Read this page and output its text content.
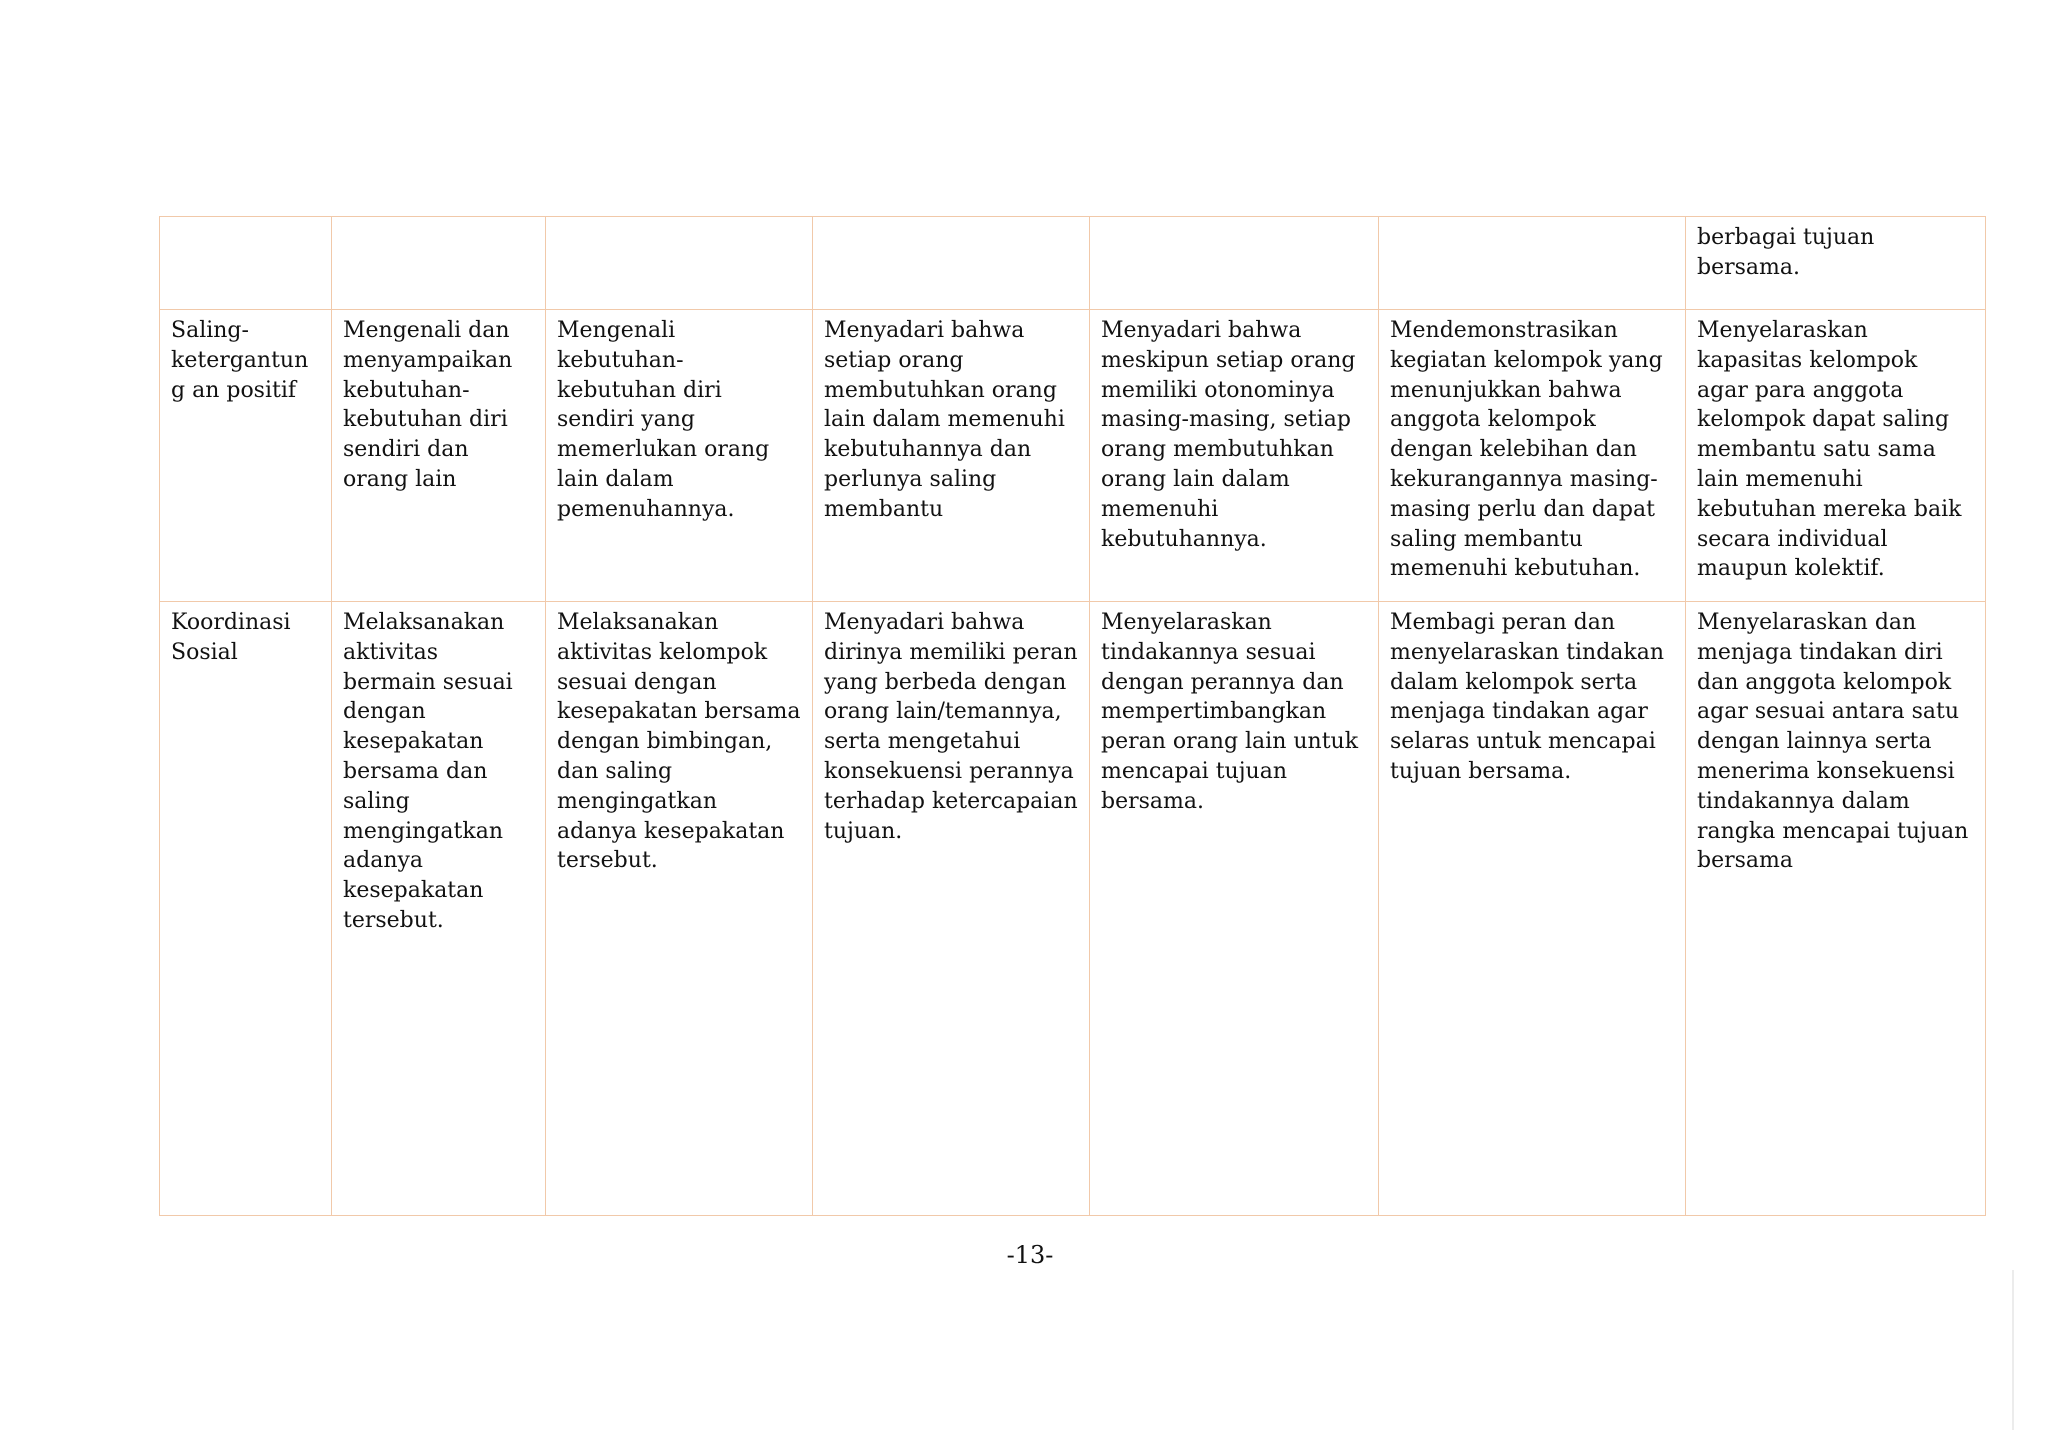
						berbagai tujuan bersama.
Saling-ketergantung an positif	Mengenali dan menyampaikan kebutuhan-kebutuhan diri sendiri dan orang lain	Mengenali kebutuhan-kebutuhan diri sendiri yang memerlukan orang lain dalam pemenuhannya.	Menyadari bahwa setiap orang membutuhkan orang lain dalam memenuhi kebutuhannya dan perlunya saling membantu	Menyadari bahwa meskipun setiap orang memiliki otonominya masing-masing, setiap orang membutuhkan orang lain dalam memenuhi kebutuhannya.	Mendemonstrasikan kegiatan kelompok yang menunjukkan bahwa anggota kelompok dengan kelebihan dan kekurangannya masing-masing perlu dan dapat saling membantu memenuhi kebutuhan.	Menyelaraskan kapasitas kelompok agar para anggota kelompok dapat saling membantu satu sama lain memenuhi kebutuhan mereka baik secara individual maupun kolektif.
Koordinasi Sosial	Melaksanakan aktivitas bermain sesuai dengan kesepakatan bersama dan saling mengingatkan adanya kesepakatan tersebut.	Melaksanakan aktivitas kelompok sesuai dengan kesepakatan bersama dengan bimbingan, dan saling mengingatkan adanya kesepakatan tersebut.	Menyadari bahwa dirinya memiliki peran yang berbeda dengan orang lain/temannya, serta mengetahui konsekuensi perannya terhadap ketercapaian tujuan.	Menyelaraskan tindakannya sesuai dengan perannya dan mempertimbangkan peran orang lain untuk mencapai tujuan bersama.	Membagi peran dan menyelaraskan tindakan dalam kelompok serta menjaga tindakan agar selaras untuk mencapai tujuan bersama.	Menyelaraskan dan menjaga tindakan diri dan anggota kelompok agar sesuai antara satu dengan lainnya serta menerima konsekuensi tindakannya dalam rangka mencapai tujuan bersama
-13-
